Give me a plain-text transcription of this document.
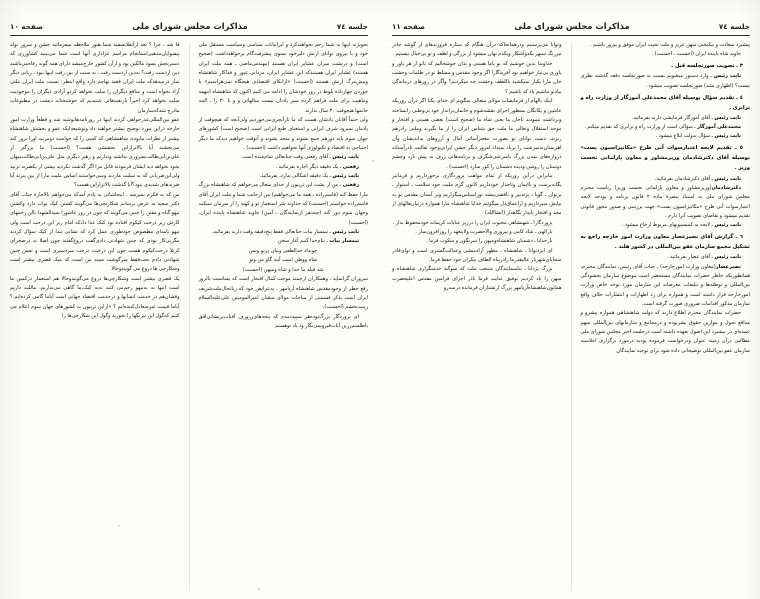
جلسه ٧٤
مذاکرات مجلس شورای ملی
صفحه ١١

پیشبرد سعادت و نیکبختی میهن عزیز و ملت نجیب ایران موفق و پیروز باشیم .

جاوید شاه پاینده ایران (احسنت ـ احسنت) .

٣ ـ تصویب صورتجلسه قبل .

نایب رئیس ـ وارد دستور میشویم نسبت به صورتجلسه دفعه گذشته نظری نیست؟ (اظهاری نشد) صورتجلسه تصویب میشود .

٤ ـ تقدیم سؤال بوسیله آقای محمدعلی آموزگار از وزارت راه و ترابری .

نایب رئیس ـ آقای آموزگار فرمایشی دارید بفرمائید.

محمدعلی آموزگار ـ سؤالی است از وزارت راه و ترابری که تقدیم میکنم .

نایب رئیس ـ سؤال بدولت ابلاغ میشود .

٥ ـ تقدیم لایحه اعتبارسوات آنی طرح «مکانیزاسیون پست» بوسیله آقای دکترشادمان وزیرمشاور و معاون پارلمانی نخست وزیر .

نایب رئیس ـ آقای دکترشادمان بفرمائید.

دکترشادمان(وزیرمشاور و معاون پارلمانی نخست وزیر) ریاست محترم مجلس شورای ملی به استناد تبصرهٔ ماده ٢ قانون برنامه و بودجه لایحه اعتبارسوات آنی طرح «مکانیزاسیون پست» جهت بررسی و صدور مجوز قانونی تقدیم میشود و تقاضای تصویب آنرا دارم .

نایب رئیس ـ لایحه به کمیسیونهای مربوط ارجاع میشود .

٦ ـ گزارش آقای نصیرعصار معاون وزارت امور خارجه راجع به تشکیل مجمع سازمان عفو بین‌المللی در کشور هلند .

نایب رئیس ـ آقای عصار بفرمائید .

نصیرعصار(معاون وزارت امورخارجه) ـ جناب آقای رئیس، نمایندگان محترم، همانطوریکه خاطر حضرات نمایندگان مستحضر است موضوع سازمان بخشودگی بین‌المللی و توطئه‌ها و تبلیغات مغرضانه این سازمان مورد توجه خاص وزارت امورخارجه قرار داشته است و همواره برای رد اظهارات و انتشارات خلاف واقع سازمان مذکور اقدامات ضروری صورت گرفته است.

حضرات نمایندگان محترم اطلاع دارند که دولت شاهنشاهی همواره پیشرو و مدافع تحول و موازین حقوق بشربوده و درمجامع و سازمانهای بین‌المللی سهم عمده‌ای در پیشبرد این اصول بعهده داشته است درجلسه اخیر مجلس شورای ملی مطالبی درآن زمینه عنوان ودرخواست فرموده بودید درمورد برگزاری اجلاسیه سازمان عفو بین‌المللی توضیحاتی داده شود برای توجیه نمایندگان

وتوانا می‌پرستیم ودرهمانجاکه درآن هنگام که ستاره فروزندهای از گوشه چادر تیررنگ سپهر یکدوآشکار ویکدم نهان میشود از بزرگی و لطف و تو بی‌خیال نیستیم .

خداوندا بدین خوشیم که تو باما هستی و بدان خوشحالیم که باتو از هر یاور و یاوری بی‌نیاز خواهیم بود آفریدگارا اگر وجود مقدس و مسلط تو در ظلمات وحشت جان مارا یکبار نمیکشید باللطف وحشت چه میکردیم؟ وآگر در روزهای درماندگی بیادتو نباشیم یاد که باشیم ؟

اینک بالهام از فرمایشات مولای متعالی میگویم ای خدای یکتا اگر درآن روزیکه عاشین و یکانگان بمنظور اجرای نقشه‌شوم و خانمان‌برانداز خود بی‌وطنی رابساخته وبرداشته ننمودند تاجان ما بعثی شاه ما (صحیح است) بعضی هستی و افتخار و موجد استقلال وتعالی ما ملت حق شناس ایران را از ما بگیرند وملتی رادرهم ریزند، دست توانای تو بصورت معجزآسائی آمال و آرزوهای بداندیشان وآن اهریمنان‌بدسرشت را برباد نمیداد امروز دیگر جشن ایرانی‌وجود تعالیت تادرآستانه دروازه‌های تمدن بزرگ باسرعتی‌شگرف و برنامه‌هائی ژرف به پیش تازد وچشم دوستان را روشن ودیده دشمنان را کور سازد (احسنت) .

بنابراین درآین روزیکه از تمام مواهب پروردگاری برخورداریم و فرمانبر یگانه‌پرست و باایمان وتاجدار خودداریم کانون گرم ملیت خود سلامت ـ استوار ـ پرتوان ـ گویا ـ پرتدبیر و ناقضی‌بیشه توراسپاس‌میگزاریم وبر آستان مقدس تو به نیایش میپردازیم و ازاعماق‌دل میگوئیم خدایا شاهنشاه مارا همواره دربیان‌هالهای از مجد و افتخار پایدار نگاهدار (انشاالله) .

پروردگارا ـ شهنشاهی محبوب ایران را درزیر عنایات کریمانه خودمحفوظ بدار .

بارالهی ـ شاد کامی و پیروزی والاحضرت ولایتعهد را روزافزون‌ساز .

بارخدایا ـ دشمنان شاهنشاه‌ومیهن را سرنگون و منکوب فرما .

ای ایزدتوانا ـ شاهنشاه ، مظهر آزادمنشی وعدالت‌گستری است و توای‌قادر سجایای‌شهریار عالیقدرما رادرپناه الطاف بیکران خود حفظ فرما.

بزرگ یزدانا ـ بنامنمایندگان منتخب ملت که سوگند خدمتگزاری شاهنشاه و میهن را یاد کردیم توفیق عنایت فرما تادر اجرای فرامین مقدس اعلیحضرت همایون‌شاهنشاه‌آریامهر بزرگ ارتشتاران فرمانده درسه‌رو

جلسه ٧٤
مذاکرات مجلس شورای ملی
صفحه ١٠

تجویزنه اینها به شما رحم نخواهندکرد و ایرانیانات سیاسی وسیاست مستقل ملی خود و با نیروی توانای ارتش دلیرخود بسوی پیشرفت‌گام برخواهدداشت (صحیح است) و درپشت سران عشایر ایران هستند (مهندس‌ماضی ـ همه ملت ایران هستند) عشایر ایران هستندکه این عشایر ایران، مردانی غیور و فداکار شاهنشاه وبیش‌مرگ ارتش هستند (احسنت) «ازاتکای اقتصادی هیچگاه نمی‌هراسیم» با خوردن چهارباده بلوط در روز خودشان را ادامه می کنیم اکنون که شاهنشاه ابتهمه وماهیت برای ملت فراهم کرده سپر یادتان نیست سالهائی و و تا ٣٠ را ، البته خانمها هیچوقت ٣٠ سال ندارند

ولی حتماً آقایان یادشان هست که ما تازآبجری‌می‌خوردیم ولی‌آنچه که هیچوقت از یادمان نمیرود شرف ایرانی و استغنای طبع ایرانی است (صحیح است) کشورهای جهان سوم باید دورهم جمع بشوند و متحد بشوند و آنوقت خواهیم دیدکه ما دیگر احتیاجی به اقتصاد و تکنولوژی آنها نخواهیم داشت (احسنت) .

نایب رئیس ـ آقای رفعتی وقت جنابعالی تمام‌شده است.

رفعتی ـ یک دقیقه دیگر اجازه بفرمائید .

نایب رئیس ـ یک دقیقه اشکالی ندارد، بفرمائید.

رفعتی ـ من از پشت این تریبون از خدای متعال می‌خواهم که شاهنشاه بزرگ مارا حفظ کند (قاسم‌زاده ـ همه ما می‌خواهیم) من ازجانب شما و ملت ایران آقای قاسم‌زاده خواستم (احسنت) که خداوند شر استعمار تو و کهنه را از سرمان سبکت وجهان سوم دور کند (چندنفر ازنمایندگان ـ آمین) جاوید شاهنشاه پاینده ایران. (احسنت)

نایب رئیس ـ تیمسار بیات جنابعالی فقط پنج‌دقیقه وقت دارید بفرمائید.

تیمسار بیات ـ بنام‌خدا کنیم آغاز سخن

چونداد خدالطفی وبیان پرتو وبس

شاه ووطن است آینه گاو من وتو

شد قبله ما خدا و شاه ومیهن (احسنت)

سروران گرانمایه ، وهمکاران ارجمند موجب کمال افتخار است که بمناسبت بالروز رفع خطر از وجودمقدس شاهنشاه آریامهر ، به‌عرایض خود که زباتحال‌ملت‌شریف ایران است بذکر قسمتی از مناجات مولای متقیان امیرالمومنین علی‌علیه‌السلام زینت‌بخشم (احسنت).

ای پروردگار بزرگ‌توده‌هر سپیددمدم که پنجه‌های‌زرورف آفتاب‌پریشانی‌افق باطلسم‌زرین آیات‌فیروسی‌نگار ود یاد توهستم

قا شد ، چرا ؟ بعد ازآنقلابسفید شما هنوز ملاحظه میفرمائید جشن و سرور تولد پیشوایان‌مذهبی‌استانجام مراسم عزاداری آنها است شما می‌بینید کشاورزی که دسترنجش بسود مالکین بود و ازآن کشور خارج‌میشد دارای همه گونه رفاه‌می‌باشند دین ازدست رفت؟ نه‌دین ازدست رفت ، نه سنت از بین رفت اینها نبود ، زبانی دیگر ساز درمیدهدکه ملت ایران قصد تهاجم دارد واقع ابتظر: نسبت ملت ایران ملتی آزاد بخواه است و منافع دیگران را سلب نخواهد کردو آزادی دیگران را موجودیت سلب نخواهد کرد اخیراً بازتقیه‌هائی شنیدیم که خوشبختانه دیشب در مطبوعات مادرج شدکه‌سازمان

عفو بین‌المللی‌عذرخواهی کردند اینها در روزنامه‌هانوشته شد و قطعاً وزارت امور خارجه دراین مورد توضیح بیشتر خواهند داد وتوشیعه‌ایکه عفو و بخشش شاهنشاه بیشتر از نظرات مابوده، شاهنشاهی که کسی را که خواسته دومرتبه اورا ترور کند می‌بخشند آیا بالاترازاین بخششی هست؟ (احسنت) ما بزرگتر از علی‌بن‌ابی‌طالب‌بسروری نداشته وتداریم و رهبر دیگری مثل علی‌بن‌ابی‌طالب‌میهان بخود نخواهد دید ایشان فرمودند قاتل مرا اگر گذشت نکردید بیشی از یکضربه نزنید ولی‌این‌ضربانی که به سلیت مازدند وسی‌خواستند اساس ملیت مارا از بین ببرند آیا ضربه‌های شدیدی نبود؟آیا گذشت بالاترازاین هست؟

من که به فکرم نمیرسد . اینجاشائی به یادم آمدکه می‌خواهم بالاجازهٔ جناب آقای دکتر سعید به عرض برسانم شکاریچی‌ها می‌گویند کشتن کبک ثواب دارد وکشتن تیهو گناه و مفتن را چنین می‌گویند که چون در روز عاشورا سیدالشهدا بالن زخمهای کارش زیر درخت کیکوم افتاده بود کبک غذا دادکه امام زیر این درخت است ولی تیهو بامدای مطصوص خودطوری عمل کرد که تشانی تبدا از کبک سؤال کردند مگربی‌کار بودی که چنین شهادتی دادی‌گفت دروغ‌گفتند چون اصلا نه درصحرای کربلا درخت‌کیکوم هست چون این درخت، درخت سردسیری است و تعمن چنین شهادتی دادم بحث‌فقط سرگوشت سینه من است که میک قضری بیشتر است وشکارچی ها دروغ می گویندوحالا

یک قضری بیشتر است وشکارچی‌ها دروغ می‌گویندوحالا هم استعمار درکمین ما است اینها نه به‌تیهو رحم‌می کنند نه‌به کبک،ما گاهی می‌نداریم، ماللت داریم وقشان‌هم در خدمت انسانها و درخدمت اقتصاد جهانی است آیاما گامی کرده‌ایم ؟ آیاما قیمت غیرمتعادل‌کننده‌ایم ؟ «ازاین تریبون به کشورهای جهان سوم اعلام می کنیم که‌گول این نیرنگها را نخورید وگول این شکارچی‌ها را
